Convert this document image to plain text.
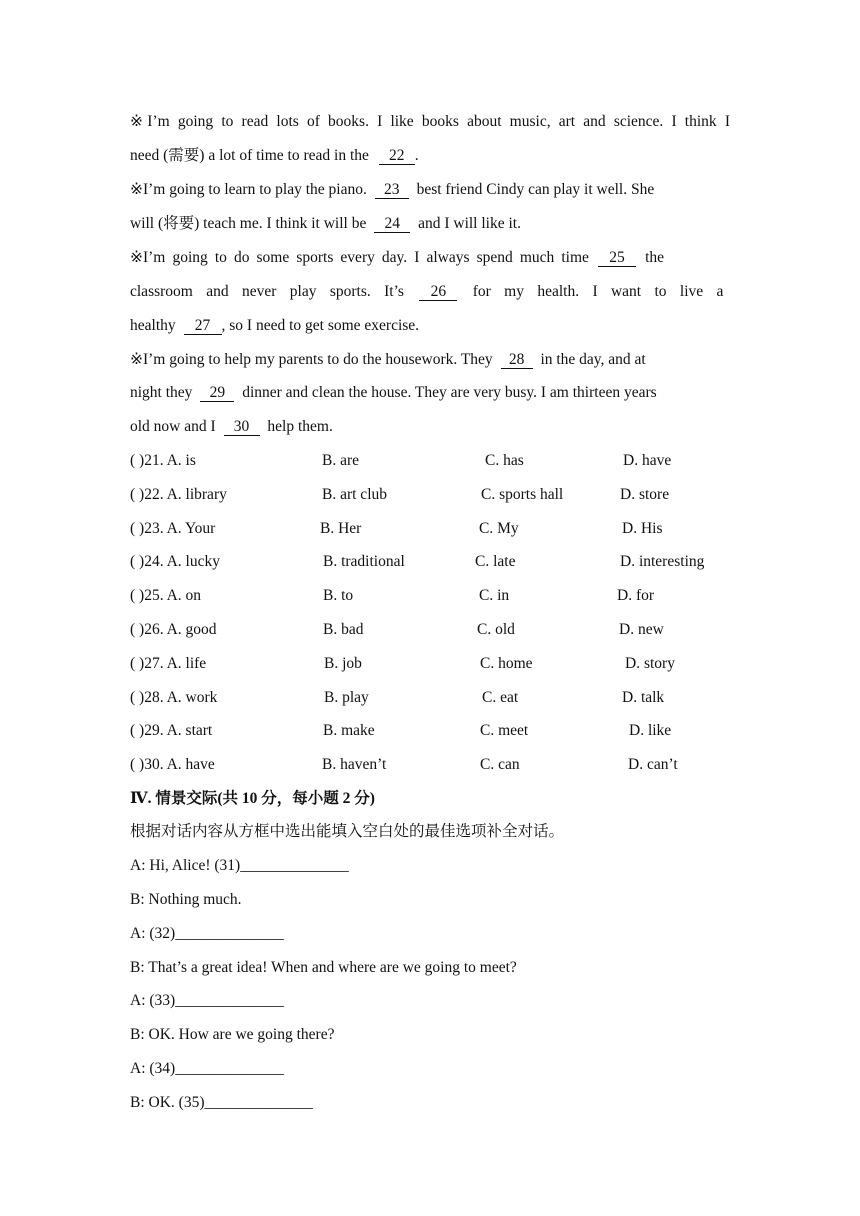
※I’m going to read lots of books. I like books about music, art and science. I think I
need (需要) a lot of time to read in the 22 .
※I’m going to learn to play the piano. 23 best friend Cindy can play it well. She
will (将要) teach me. I think it will be 24 and I will like it.
※I’m going to do some sports every day. I always spend much time 25 the
classroom and never play sports. It’s 26 for my health. I want to live a
healthy 27 , so I need to get some exercise.
※I’m going to help my parents to do the housework. They 28 in the day, and at
night they 29 dinner and clean the house. They are very busy. I am thirteen years
old now and I 30 help them.
( )21. A. is	B. are	C. has	D. have
( )22. A. library	B. art club	C. sports hall	D. store
( )23. A. Your	B. Her	C. My	D. His
( )24. A. lucky	B. traditional	C. late	D. interesting
( )25. A. on	B. to	C. in	D. for
( )26. A. good	B. bad	C. old	D. new
( )27. A. life	B. job	C. home	D. story
( )28. A. work	B. play	C. eat	D. talk
( )29. A. start	B. make	C. meet	D. like
( )30. A. have	B. haven’t	C. can	D. can’t
Ⅳ. 情景交际(共 10 分，每小题 2 分)
根据对话内容从方框中选出能填入空白处的最佳选项补全对话。
A: Hi, Alice! (31)______________
B: Nothing much.
A: (32)______________
B: That’s a great idea! When and where are we going to meet?
A: (33)______________
B: OK. How are we going there?
A: (34)______________
B: OK. (35)______________
